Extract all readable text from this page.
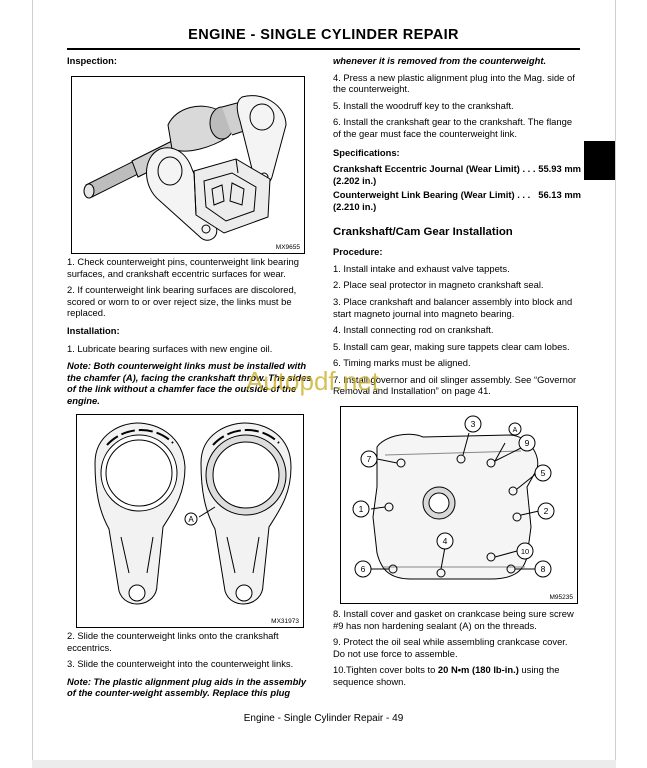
ENGINE - SINGLE CYLINDER REPAIR

Inspection:

MX9655

1. Check counterweight pins, counterweight link bearing surfaces, and crankshaft eccentric surfaces for wear.

2. If counterweight link bearing surfaces are discolored, scored or worn to or over reject size, the links must be replaced.

Installation:

1. Lubricate bearing surfaces with new engine oil.

Note: Both counterweight links must be installed with the chamfer (A), facing the crankshaft throw. The sides of the link without a chamfer face the outside of the engine.

A
MX31973

2. Slide the counterweight links onto the crankshaft eccentrics.

3. Slide the counterweight into the counterweight links.

Note: The plastic alignment plug aids in the assembly of the counter-weight assembly. Replace this plug

whenever it is removed from the counterweight.

4. Press a new plastic alignment plug into the Mag. side of the counterweight.

5. Install the woodruff key to the crankshaft.

6. Install the crankshaft gear to the crankshaft. The flange of the gear must face the counterweight link.

Specifications:

Crankshaft Eccentric Journal (Wear Limit) . . . 55.93 mm

(2.202 in.)

Counterweight Link Bearing (Wear Limit) . . . 56.13 mm

(2.210 in.)

Crankshaft/Cam Gear Installation

Procedure:

1. Install intake and exhaust valve tappets.

2. Place seal protector in magneto crankshaft seal.

3. Place crankshaft and balancer assembly into block and start magneto journal into magneto bearing.

4. Install connecting rod on crankshaft.

5. Install cam gear, making sure tappets clear cam lobes.

6. Timing marks must be aligned.

7. Install governor and oil slinger assembly. See “Governor Removal and Installation” on page 41.

7
3
9
A
5
2
1
4
10
6	8
M95235

8. Install cover and gasket on crankcase being sure screw #9 has non hardening sealant (A) on the threads.

9. Protect the oil seal while assembling crankcase cover. Do not use force to assemble.

10.Tighten cover bolts to 20 N•m (180 lb-in.) using the sequence shown.

Autopdf.net
Engine - Single Cylinder Repair - 49
